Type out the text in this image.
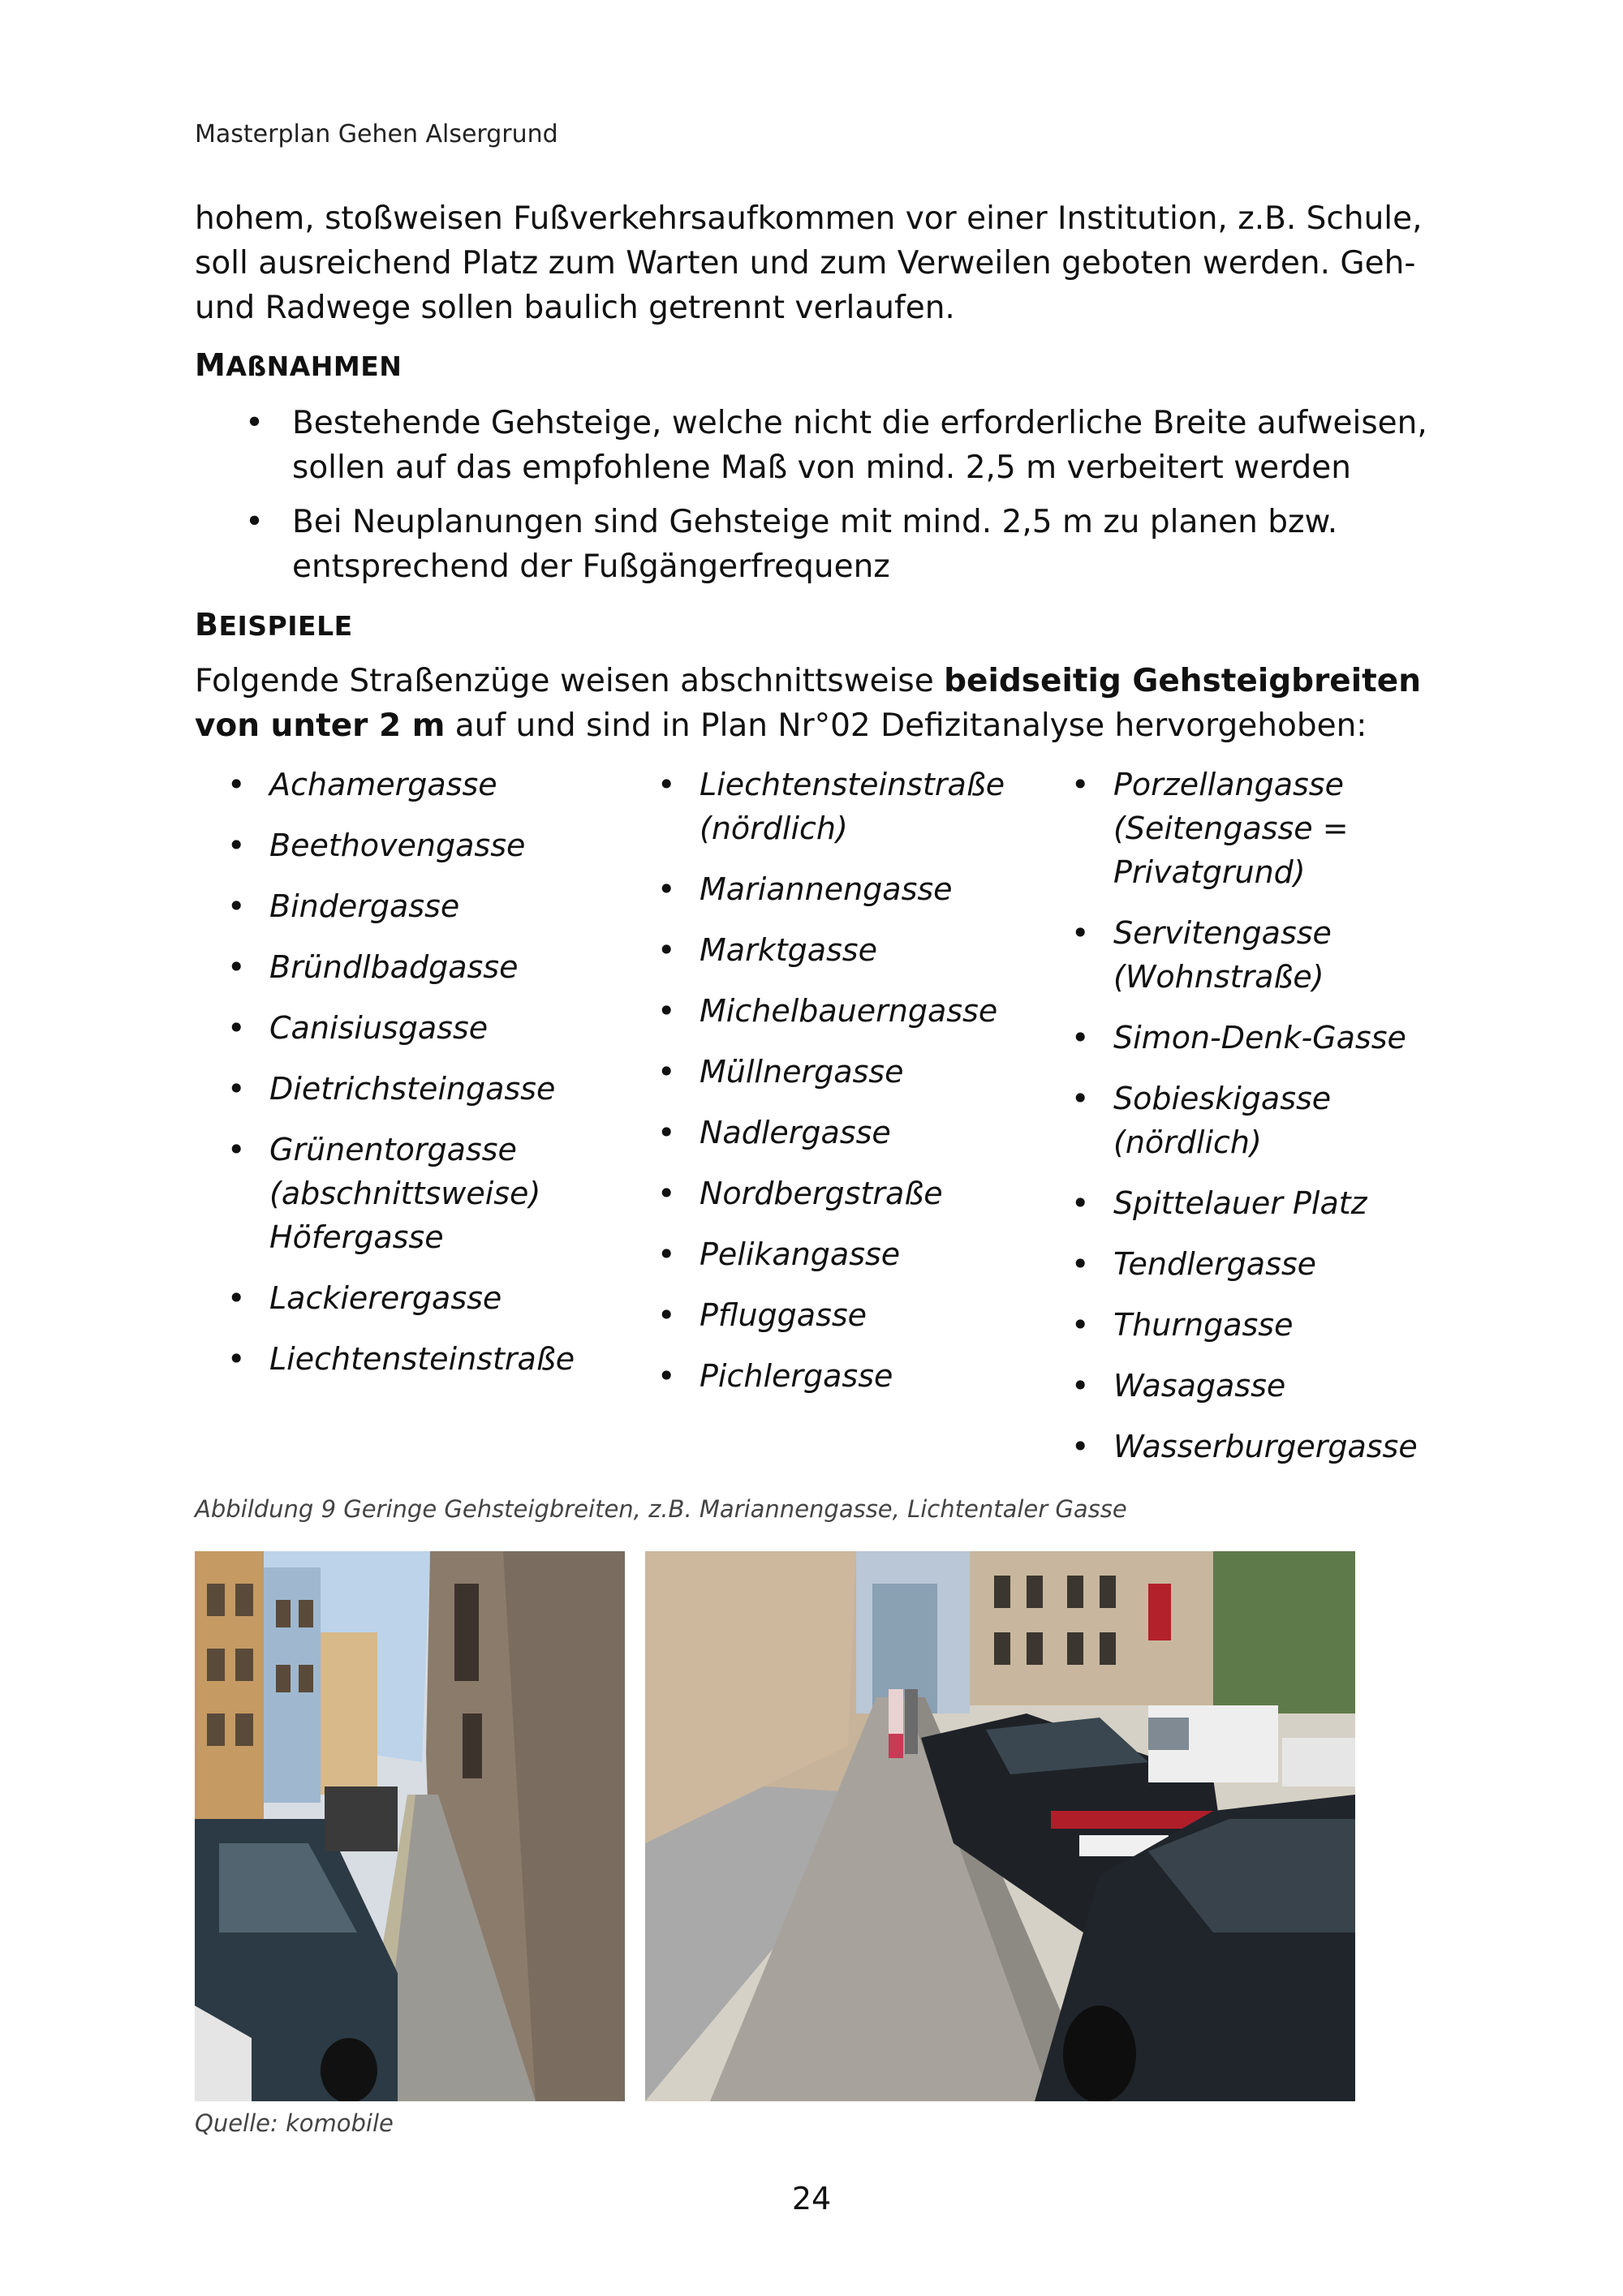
Masterplan Gehen Alsergrund

hohem, stoßweisen Fußverkehrsaufkommen vor einer Institution, z.B. Schule, soll ausreichend Platz zum Warten und zum Verweilen geboten werden. Geh- und Radwege sollen baulich getrennt verlaufen.

MAßNAHMEN
• Bestehende Gehsteige, welche nicht die erforderliche Breite aufweisen, sollen auf das empfohlene Maß von mind. 2,5 m verbeitert werden
• Bei Neuplanungen sind Gehsteige mit mind. 2,5 m zu planen bzw. entsprechend der Fußgängerfrequenz
BEISPIELE

Folgende Straßenzüge weisen abschnittsweise beidseitig Gehsteigbreiten von unter 2 m auf und sind in Plan Nr°02 Defizitanalyse hervorgehoben:

• Achamergasse
• Beethovengasse
• Bindergasse
• Bründlbadgasse
• Canisiusgasse
• Dietrichsteingasse
• Grünentorgasse (abschnittsweise) Höfergasse
• Lackierergasse
• Liechtensteinstraße
• Liechtensteinstraße (nördlich)
• Mariannengasse
• Marktgasse
• Michelbauerngasse
• Müllnergasse
• Nadlergasse
• Nordbergstraße
• Pelikangasse
• Pfluggasse
• Pichlergasse
• Porzellangasse (Seitengasse = Privatgrund)
• Servitengasse (Wohnstraße)
• Simon-Denk-Gasse
• Sobieskigasse (nördlich)
• Spittelauer Platz
• Tendlergasse
• Thurngasse
• Wasagasse
• Wasserburgergasse
Abbildung 9 Geringe Gehsteigbreiten, z.B. Mariannengasse, Lichtentaler Gasse
Quelle: komobile
24
